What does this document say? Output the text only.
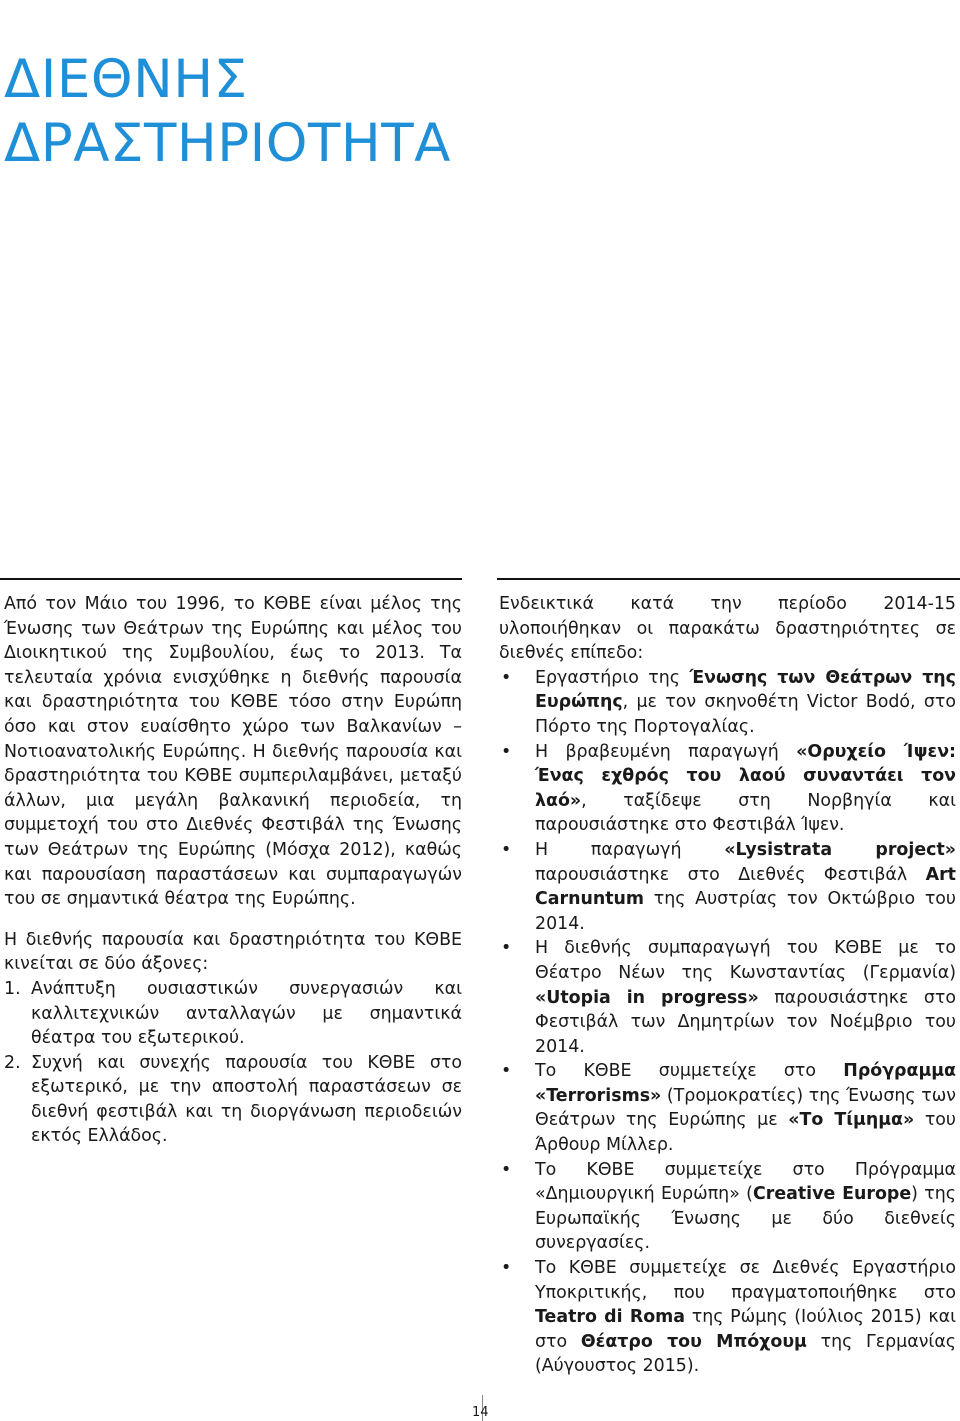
ΔΙΕΘΝΗΣ
ΔΡΑΣΤΗΡΙΟΤΗΤΑ

Από τον Μάιο του 1996, το ΚΘΒΕ είναι μέλος της Ένωσης των Θεάτρων της Ευρώπης και μέλος του Διοικητικού της Συμβουλίου, έως το 2013. Τα τελευταία χρόνια ενισχύθηκε η διεθνής παρουσία και δραστηριότητα του ΚΘΒΕ τόσο στην Ευρώπη όσο και στον ευαίσθητο χώρο των Βαλκανίων – Νοτιοανατολικής Ευρώπης. Η διεθνής παρουσία και δραστηριότητα του ΚΘΒΕ συμπεριλαμβάνει, μεταξύ άλλων, μια μεγάλη βαλκανική περιοδεία, τη συμμετοχή του στο Διεθνές Φεστιβάλ της Ένωσης των Θεάτρων της Ευρώπης (Μόσχα 2012), καθώς και παρουσίαση παραστάσεων και συμπαραγωγών του σε σημαντικά θέατρα της Ευρώπης.

Η διεθνής παρουσία και δραστηριότητα του ΚΘΒΕ κινείται σε δύο άξονες:

1. Ανάπτυξη ουσιαστικών συνεργασιών και καλλιτεχνικών ανταλλαγών με σημαντικά θέατρα του εξωτερικού.
2. Συχνή και συνεχής παρουσία του ΚΘΒΕ στο εξωτερικό, με την αποστολή παραστάσεων σε διεθνή φεστιβάλ και τη διοργάνωση περιοδειών εκτός Ελλάδος.

Ενδεικτικά κατά την περίοδο 2014-15 υλοποιήθηκαν οι παρακάτω δραστηριότητες σε διεθνές επίπεδο:

• Εργαστήριο της Ένωσης των Θεάτρων της Ευρώπης, με τον σκηνοθέτη Victor Bodó, στο Πόρτο της Πορτογαλίας.
• Η βραβευμένη παραγωγή «Ορυχείο Ίψεν: Ένας εχθρός του λαού συναντάει τον λαό», ταξίδεψε στη Νορβηγία και παρουσιάστηκε στο Φεστιβάλ Ίψεν.
• Η παραγωγή «Lysistrata project» παρουσιάστηκε στο Διεθνές Φεστιβάλ Art Carnuntum της Αυστρίας τον Οκτώβριο του 2014.
• Η διεθνής συμπαραγωγή του ΚΘΒΕ με το Θέατρο Νέων της Κωνσταντίας (Γερμανία) «Utopia in progress» παρουσιάστηκε στο Φεστιβάλ των Δημητρίων τον Νοέμβριο του 2014.
• Το ΚΘΒΕ συμμετείχε στο Πρόγραμμα «Terrorisms» (Τρομοκρατίες) της Ένωσης των Θεάτρων της Ευρώπης με «Το Τίμημα» του Άρθουρ Μίλλερ.
• Το ΚΘΒΕ συμμετείχε στο Πρόγραμμα «Δημιουργική Ευρώπη» (Creative Europe) της Ευρωπαϊκής Ένωσης με δύο διεθνείς συνεργασίες.
• Το ΚΘΒΕ συμμετείχε σε Διεθνές Εργαστήριο Υποκριτικής, που πραγματοποιήθηκε στο Teatro di Roma της Ρώμης (Ιούλιος 2015) και στο Θέατρο του Μπόχουμ της Γερμανίας (Αύγουστος 2015).
14
